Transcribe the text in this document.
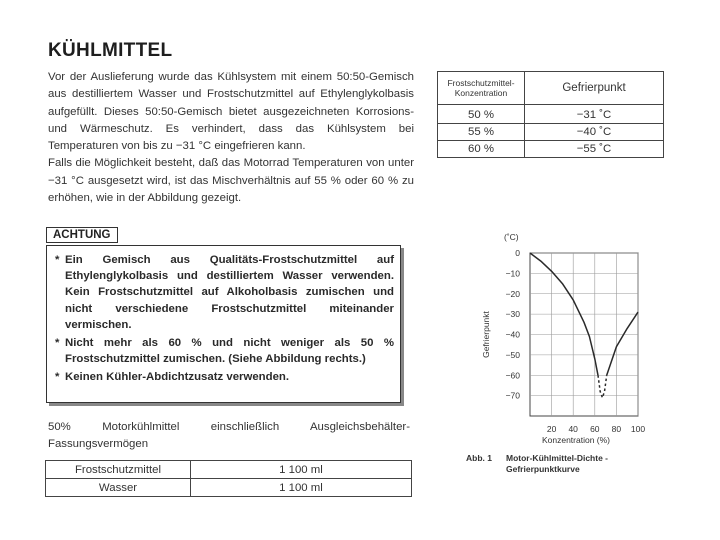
KÜHLMITTEL

Vor der Auslieferung wurde das Kühlsystem mit einem 50:50-Gemisch aus destilliertem Wasser und Frostschutzmittel auf Ethylenglykolbasis aufgefüllt. Dieses 50:50-Gemisch bietet ausgezeichneten Korrosions- und Wärmeschutz. Es verhindert, dass das Kühlsystem bei Temperaturen von bis zu −31 °C eingefrieren kann.

Falls die Möglichkeit besteht, daß das Motorrad Temperaturen von unter −31 °C ausgesetzt wird, ist das Mischverhältnis auf 55 % oder 60 % zu erhöhen, wie in der Abbildung gezeigt.

ACHTUNG
* Ein Gemisch aus Qualitäts-Frostschutzmittel auf Ethylenglykolbasis und destilliertem Wasser verwenden. Kein Frostschutzmittel auf Alkoholbasis zumischen und nicht verschiedene Frostschutzmittel miteinander vermischen.
* Nicht mehr als 60 % und nicht weniger als 50 % Frostschutzmittel zumischen. (Siehe Abbildung rechts.)
* Keinen Kühler-Abdichtzusatz verwenden.
50% Motorkühlmittel einschließlich Ausgleichsbehälter-Fassungsvermögen
Frostschutzmittel	1 100 ml
Wasser	1 100 ml
Frostschutzmittel-Konzentration	Gefrierpunkt
50 %	−31 ˚C
55 %	−40 ˚C
60 %	−55 ˚C
0
−10
−20
−30
−40
−50
−60
−70
20 40 60 80 100
(˚C)
Konzentration (%)
Gefrierpunkt
Abb. 1 Motor-Kühlmittel-Dichte -
Gefrierpunktkurve
